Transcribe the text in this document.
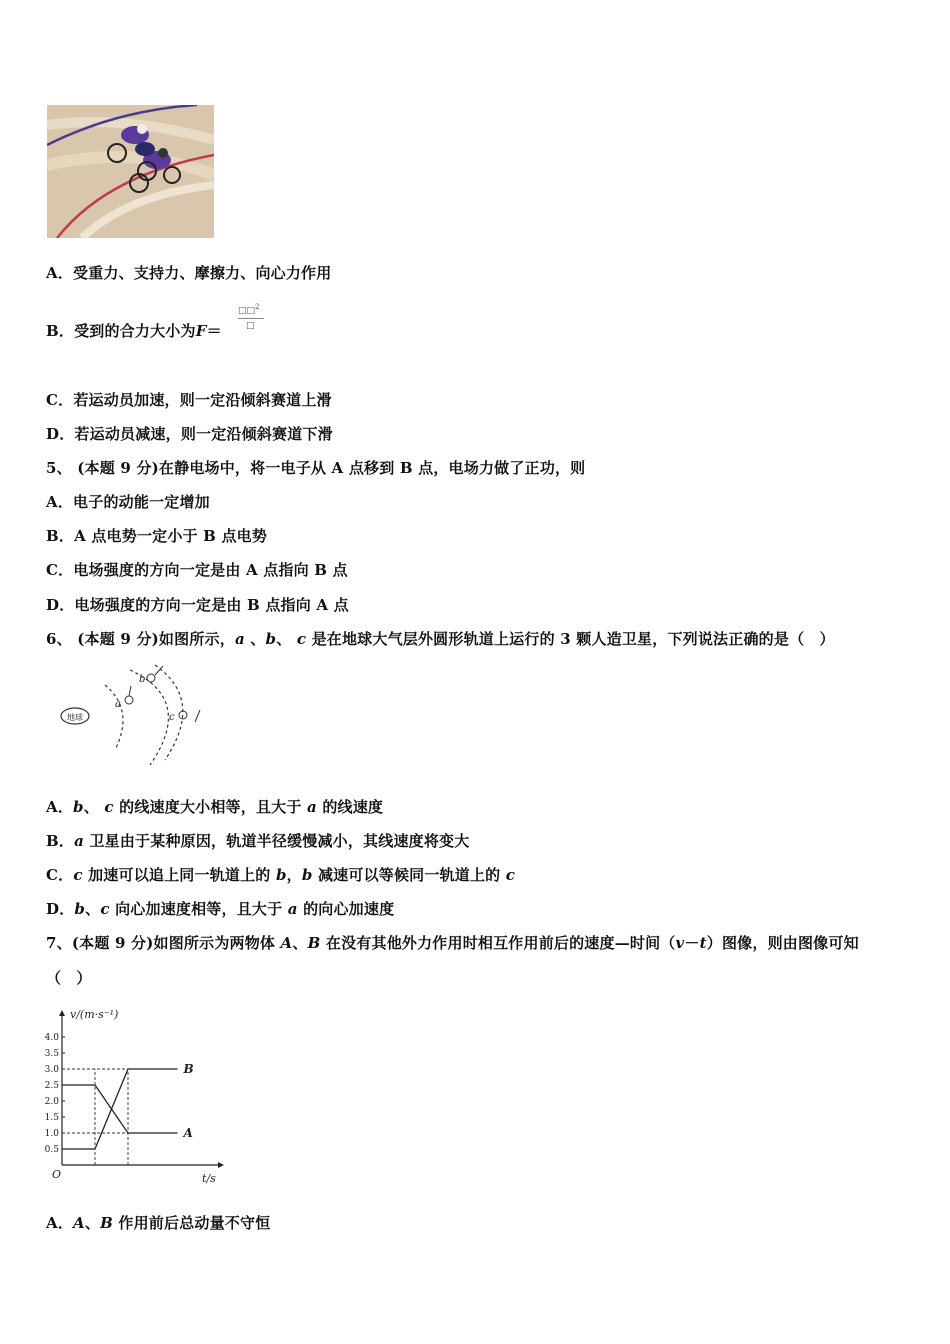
A．受重力、支持力、摩擦力、向心力作用
B．受到的合力大小为F＝
□□$^2$
□
C．若运动员加速，则一定沿倾斜赛道上滑
D．若运动员减速，则一定沿倾斜赛道下滑
5、 (本题 9 分)在静电场中，将一电子从 A 点移到 B 点，电场力做了正功，则
A．电子的动能一定增加
B．A 点电势一定小于 B 点电势
C．电场强度的方向一定是由 A 点指向 B 点
D．电场强度的方向一定是由 B 点指向 A 点
6、 (本题 9 分)如图所示，a 、b、 c 是在地球大气层外圆形轨道上运行的 3 颗人造卫星，下列说法正确的是（　）
地球
a
b
c
A．b、 c 的线速度大小相等，且大于 a 的线速度
B．a 卫星由于某种原因，轨道半径缓慢减小，其线速度将变大
C．c 加速可以追上同一轨道上的 b，b 减速可以等候同一轨道上的 c
D．b、c 向心加速度相等，且大于 a 的向心加速度
7、(本题 9 分)如图所示为两物体 A、B 在没有其他外力作用时相互作用前后的速度—时间（v－t）图像，则由图像可知
（　）
v/(m·s⁻¹)
t/s
O
0.5
1.0
1.5
2.0
2.5
3.0
3.5
4.0
A
B
A．A、B 作用前后总动量不守恒
